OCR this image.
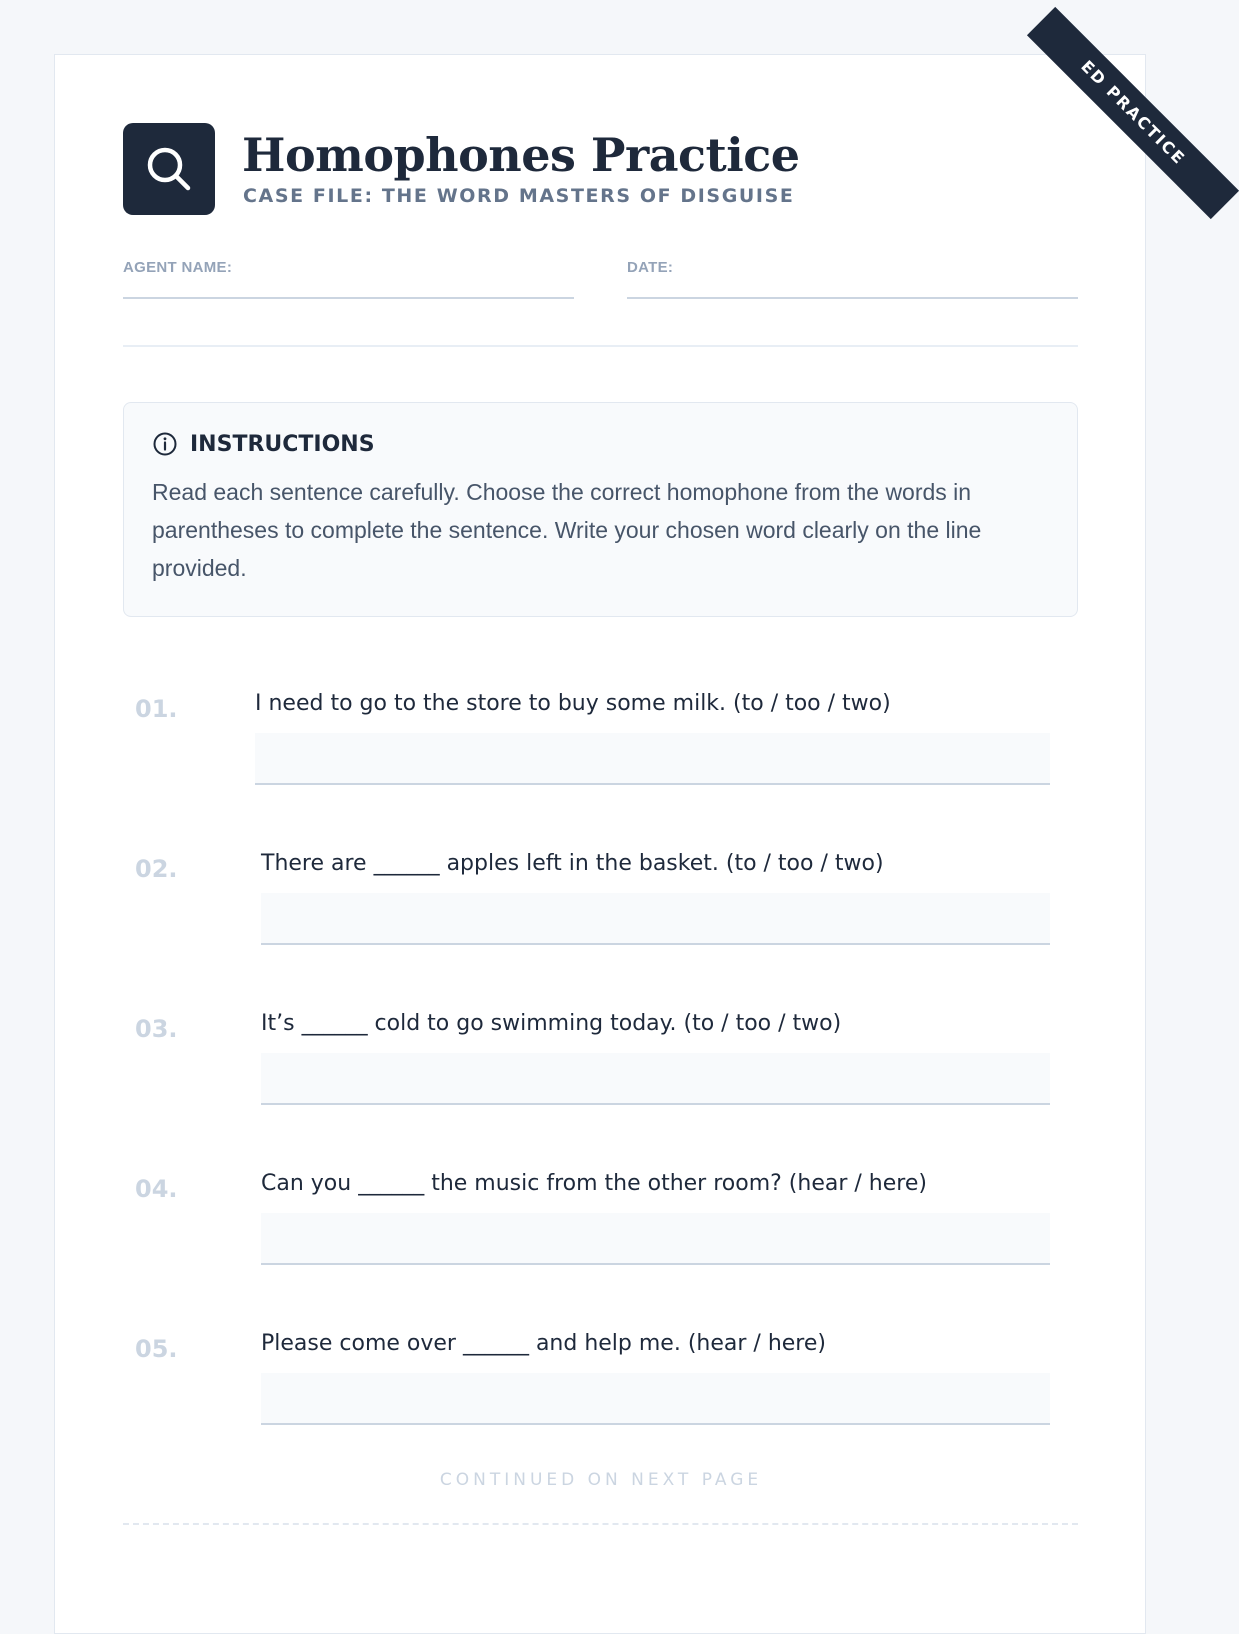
ED PRACTICE
Homophones Practice
CASE FILE: THE WORD MASTERS OF DISGUISE
AGENT NAME:	DATE:
INSTRUCTIONS
Read each sentence carefully. Choose the correct homophone from the words in parentheses to complete the sentence. Write your chosen word clearly on the line provided.
01.	I need to go to the store to buy some milk. (to / too / two)
02.	There are ______ apples left in the basket. (to / too / two)
03.	It’s ______ cold to go swimming today. (to / too / two)
04.	Can you ______ the music from the other room? (hear / here)
05.	Please come over ______ and help me. (hear / here)
CONTINUED ON NEXT PAGE
